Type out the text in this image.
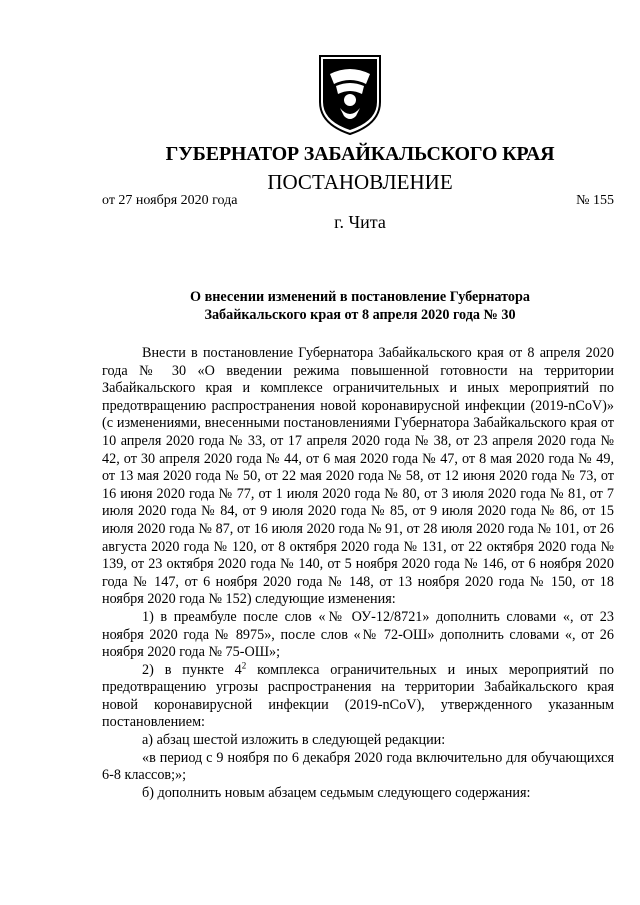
ГУБЕРНАТОР ЗАБАЙКАЛЬСКОГО КРАЯ
ПОСТАНОВЛЕНИЕ
от 27 ноября 2020 года	№ 155
г. Чита
О внесении изменений в постановление Губернатора
Забайкальского края от 8 апреля 2020 года № 30

Внести в постановление Губернатора Забайкальского края от 8 апреля 2020 года № 30 «О введении режима повышенной готовности на территории Забайкальского края и комплексе ограничительных и иных мероприятий по предотвращению распространения новой коронавирусной инфекции (2019-nCoV)» (с изменениями, внесенными постановлениями Губернатора Забайкальского края от 10 апреля 2020 года № 33, от 17 апреля 2020 года № 38, от 23 апреля 2020 года № 42, от 30 апреля 2020 года № 44, от 6 мая 2020 года № 47, от 8 мая 2020 года № 49, от 13 мая 2020 года № 50, от 22 мая 2020 года № 58, от 12 июня 2020 года № 73, от 16 июня 2020 года № 77, от 1 июля 2020 года № 80, от 3 июля 2020 года № 81, от 7 июля 2020 года № 84, от 9 июля 2020 года № 85, от 9 июля 2020 года № 86, от 15 июля 2020 года № 87, от 16 июля 2020 года № 91, от 28 июля 2020 года № 101, от 26 августа 2020 года № 120, от 8 октября 2020 года № 131, от 22 октября 2020 года № 139, от 23 октября 2020 года № 140, от 5 ноября 2020 года № 146, от 6 ноября 2020 года № 147, от 6 ноября 2020 года № 148, от 13 ноября 2020 года № 150, от 18 ноября 2020 года № 152) следующие изменения:

1) в преамбуле после слов «№ ОУ-12/8721» дополнить словами «, от 23 ноября 2020 года № 8975», после слов «№ 72-ОШ» дополнить словами «, от 26 ноября 2020 года № 75-ОШ»;

2) в пункте $4^2$ комплекса ограничительных и иных мероприятий по предотвращению угрозы распространения на территории Забайкальского края новой коронавирусной инфекции (2019-nCoV), утвержденного указанным постановлением:

а) абзац шестой изложить в следующей редакции:

«в период с 9 ноября по 6 декабря 2020 года включительно для обучающихся 6-8 классов;»;

б) дополнить новым абзацем седьмым следующего содержания:
